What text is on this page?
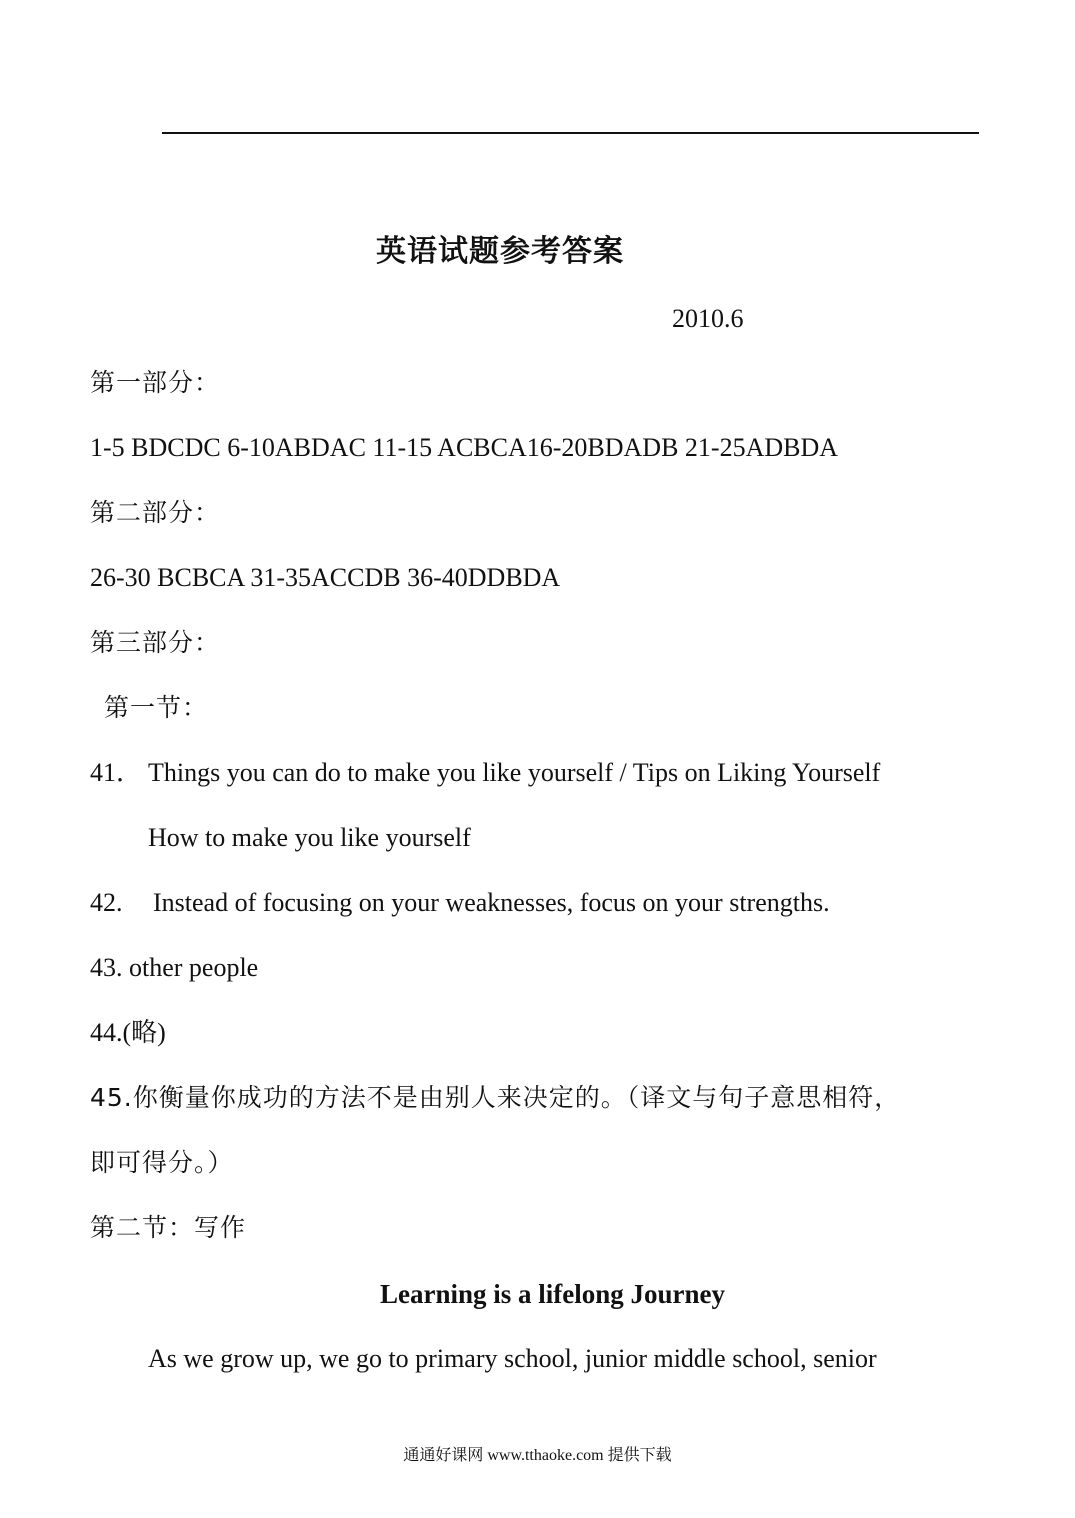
英语试题参考答案
2010.6
第一部分：
1-5 BDCDC 6-10ABDAC 11-15 ACBCA16-20BDADB 21-25ADBDA
第二部分：
26-30 BCBCA 31-35ACCDB 36-40DDBDA
第三部分：
第一节：
41． Things you can do to make you like yourself / Tips on Liking Yourself
How to make you like yourself
42. Instead of focusing on your weaknesses, focus on your strengths.
43. other people
44.(略)
45.你衡量你成功的方法不是由别人来决定的。（译文与句子意思相符，
即可得分。）
第二节：写作
Learning is a lifelong Journey
As we grow up, we go to primary school, junior middle school, senior
通通好课网 www.tthaoke.com 提供下载
